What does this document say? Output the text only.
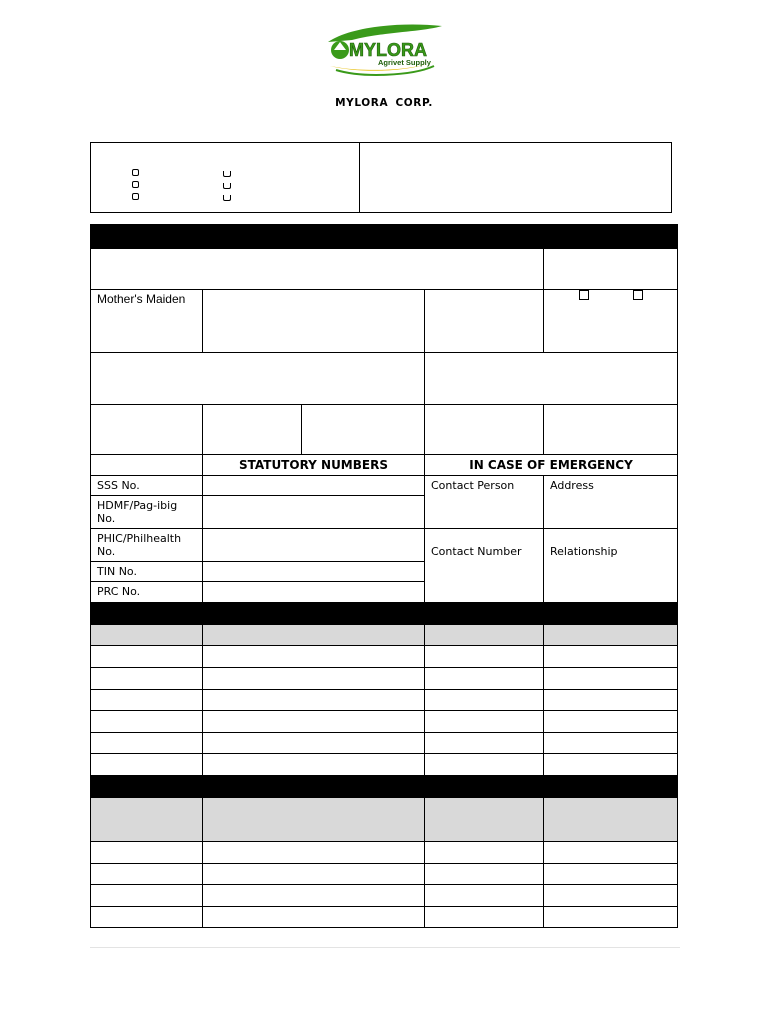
MYLORA
Agrivet Supply
MYLORA CORP.

Mother's Maiden				

	STATUTORY NUMBERS		IN CASE OF EMERGENCY	
SSS No.			Contact Person	Address
HDMF/Pag-ibig No.				
PHIC/Philhealth No.			Contact Number	Relationship
TIN No.				
PRC No.				
